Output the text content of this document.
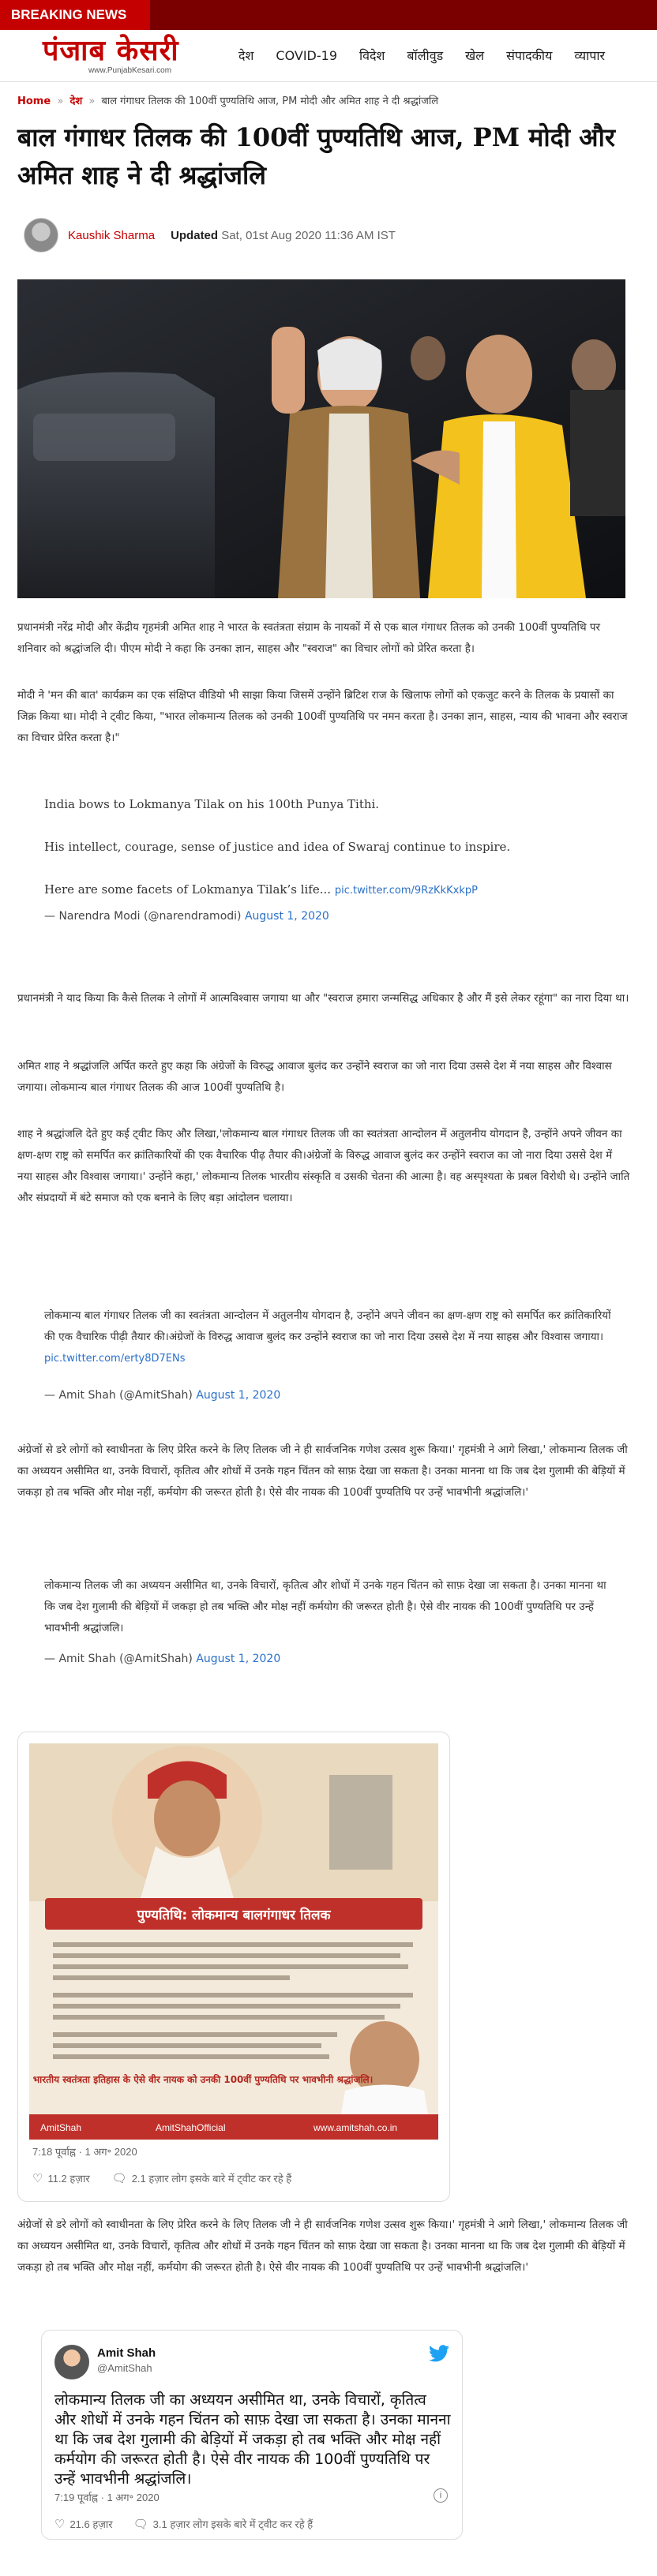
BREAKING NEWS
पंजाब केसरी
www.PunjabKesari.com
देश	COVID-19	विदेश	बॉलीवुड	खेल	संपादकीय	व्यापार
Home » देश » बाल गंगाधर तिलक की 100वीं पुण्यतिथि आज, PM मोदी और अमित शाह ने दी श्रद्धांजलि
बाल गंगाधर तिलक की 100वीं पुण्यतिथि आज, PM मोदी और अमित शाह ने दी श्रद्धांजलि
Kaushik Sharma Updated Sat, 01st Aug 2020 11:36 AM IST

प्रधानमंत्री नरेंद्र मोदी और केंद्रीय गृहमंत्री अमित शाह ने भारत के स्वतंत्रता संग्राम के नायकों में से एक बाल गंगाधर तिलक को उनकी 100वीं पुण्यतिथि पर शनिवार को श्रद्धांजलि दी। पीएम मोदी ने कहा कि उनका ज्ञान, साहस और "स्वराज" का विचार लोगों को प्रेरित करता है।

मोदी ने 'मन की बात' कार्यक्रम का एक संक्षिप्त वीडियो भी साझा किया जिसमें उन्होंने ब्रिटिश राज के खिलाफ लोगों को एकजुट करने के तिलक के प्रयासों का जिक्र किया था। मोदी ने ट्वीट किया, "भारत लोकमान्य तिलक को उनकी 100वीं पुण्यतिथि पर नमन करता है। उनका ज्ञान, साहस, न्याय की भावना और स्वराज का विचार प्रेरित करता है।"

India bows to Lokmanya Tilak on his 100th Punya Tithi.

His intellect, courage, sense of justice and idea of Swaraj continue to inspire.

Here are some facets of Lokmanya Tilak’s life... pic.twitter.com/9RzKkKxkpP

— Narendra Modi (@narendramodi) August 1, 2020

प्रधानमंत्री ने याद किया कि कैसे तिलक ने लोगों में आत्मविश्वास जगाया था और "स्वराज हमारा जन्मसिद्ध अधिकार है और मैं इसे लेकर रहूंगा" का नारा दिया था।

अमित शाह ने श्रद्धांजलि अर्पित करते हुए कहा कि अंग्रेजों के विरुद्ध आवाज बुलंद कर उन्होंने स्वराज का जो नारा दिया उससे देश में नया साहस और विश्वास जगाया। लोकमान्य बाल गंगाधर तिलक की आज 100वीं पुण्यतिथि है।

शाह ने श्रद्धांजलि देते हुए कई ट्वीट किए और लिखा,'लोकमान्य बाल गंगाधर तिलक जी का स्वतंत्रता आन्दोलन में अतुलनीय योगदान है, उन्होंने अपने जीवन का क्षण-क्षण राष्ट्र को समर्पित कर क्रांतिकारियों की एक वैचारिक पीढ़ तैयार की।अंग्रेजों के विरुद्ध आवाज बुलंद कर उन्होंने स्वराज का जो नारा दिया उससे देश में नया साहस और विश्वास जगाया।' उन्होंने कहा,' लोकमान्य तिलक भारतीय संस्कृति व उसकी चेतना की आत्मा है। वह अस्पृश्यता के प्रबल विरोधी थे। उन्होंने जाति और संप्रदायों में बंटे समाज को एक बनाने के लिए बड़ा आंदोलन चलाया।

लोकमान्य बाल गंगाधर तिलक जी का स्वतंत्रता आन्दोलन में अतुलनीय योगदान है, उन्होंने अपने जीवन का क्षण-क्षण राष्ट्र को समर्पित कर क्रांतिकारियों की एक वैचारिक पीढ़ी तैयार की।अंग्रेजों के विरुद्ध आवाज बुलंद कर उन्होंने स्वराज का जो नारा दिया उससे देश में नया साहस और विश्वास जगाया। pic.twitter.com/erty8D7ENs

— Amit Shah (@AmitShah) August 1, 2020

अंग्रेजों से डरे लोगों को स्वाधीनता के लिए प्रेरित करने के लिए तिलक जी ने ही सार्वजनिक गणेश उत्सव शुरू किया।' गृहमंत्री ने आगे लिखा,' लोकमान्य तिलक जी का अध्ययन असीमित था, उनके विचारों, कृतित्व और शोधों में उनके गहन चिंतन को साफ़ देखा जा सकता है। उनका मानना था कि जब देश गुलामी की बेड़ियों में जकड़ा हो तब भक्ति और मोक्ष नहीं, कर्मयोग की जरूरत होती है। ऐसे वीर नायक की 100वीं पुण्यतिथि पर उन्हें भावभीनी श्रद्धांजलि।'

लोकमान्य तिलक जी का अध्ययन असीमित था, उनके विचारों, कृतित्व और शोधों में उनके गहन चिंतन को साफ़ देखा जा सकता है। उनका मानना था कि जब देश गुलामी की बेड़ियों में जकड़ा हो तब भक्ति और मोक्ष नहीं कर्मयोग की जरूरत होती है। ऐसे वीर नायक की 100वीं पुण्यतिथि पर उन्हें भावभीनी श्रद्धांजलि।

— Amit Shah (@AmitShah) August 1, 2020

पुण्यतिथि: लोकमान्य बालगंगाधर तिलक
भारतीय स्वतंत्रता इतिहास के ऐसे वीर नायक को उनकी 100वीं पुण्यतिथि पर भावभीनी श्रद्धांजलि।
AmitShah	AmitShahOfficial	www.amitshah.co.in
7:18 पूर्वाह्न · 1 अग॰ 2020
♡ 11.2 हज़ार 🗨 2.1 हज़ार लोग इसके बारे में ट्वीट कर रहे हैं

अंग्रेजों से डरे लोगों को स्वाधीनता के लिए प्रेरित करने के लिए तिलक जी ने ही सार्वजनिक गणेश उत्सव शुरू किया।' गृहमंत्री ने आगे लिखा,' लोकमान्य तिलक जी का अध्ययन असीमित था, उनके विचारों, कृतित्व और शोधों में उनके गहन चिंतन को साफ़ देखा जा सकता है। उनका मानना था कि जब देश गुलामी की बेड़ियों में जकड़ा हो तब भक्ति और मोक्ष नहीं, कर्मयोग की जरूरत होती है। ऐसे वीर नायक की 100वीं पुण्यतिथि पर उन्हें भावभीनी श्रद्धांजलि।'

Amit Shah
@AmitShah
लोकमान्य तिलक जी का अध्ययन असीमित था, उनके विचारों, कृतित्व और शोधों में उनके गहन चिंतन को साफ़ देखा जा सकता है। उनका मानना था कि जब देश गुलामी की बेड़ियों में जकड़ा हो तब भक्ति और मोक्ष नहीं कर्मयोग की जरूरत होती है। ऐसे वीर नायक की 100वीं पुण्यतिथि पर उन्हें भावभीनी श्रद्धांजलि।
7:19 पूर्वाह्न · 1 अग॰ 2020	i
♡ 21.6 हज़ार 🗨 3.1 हज़ार लोग इसके बारे में ट्वीट कर रहे हैं
